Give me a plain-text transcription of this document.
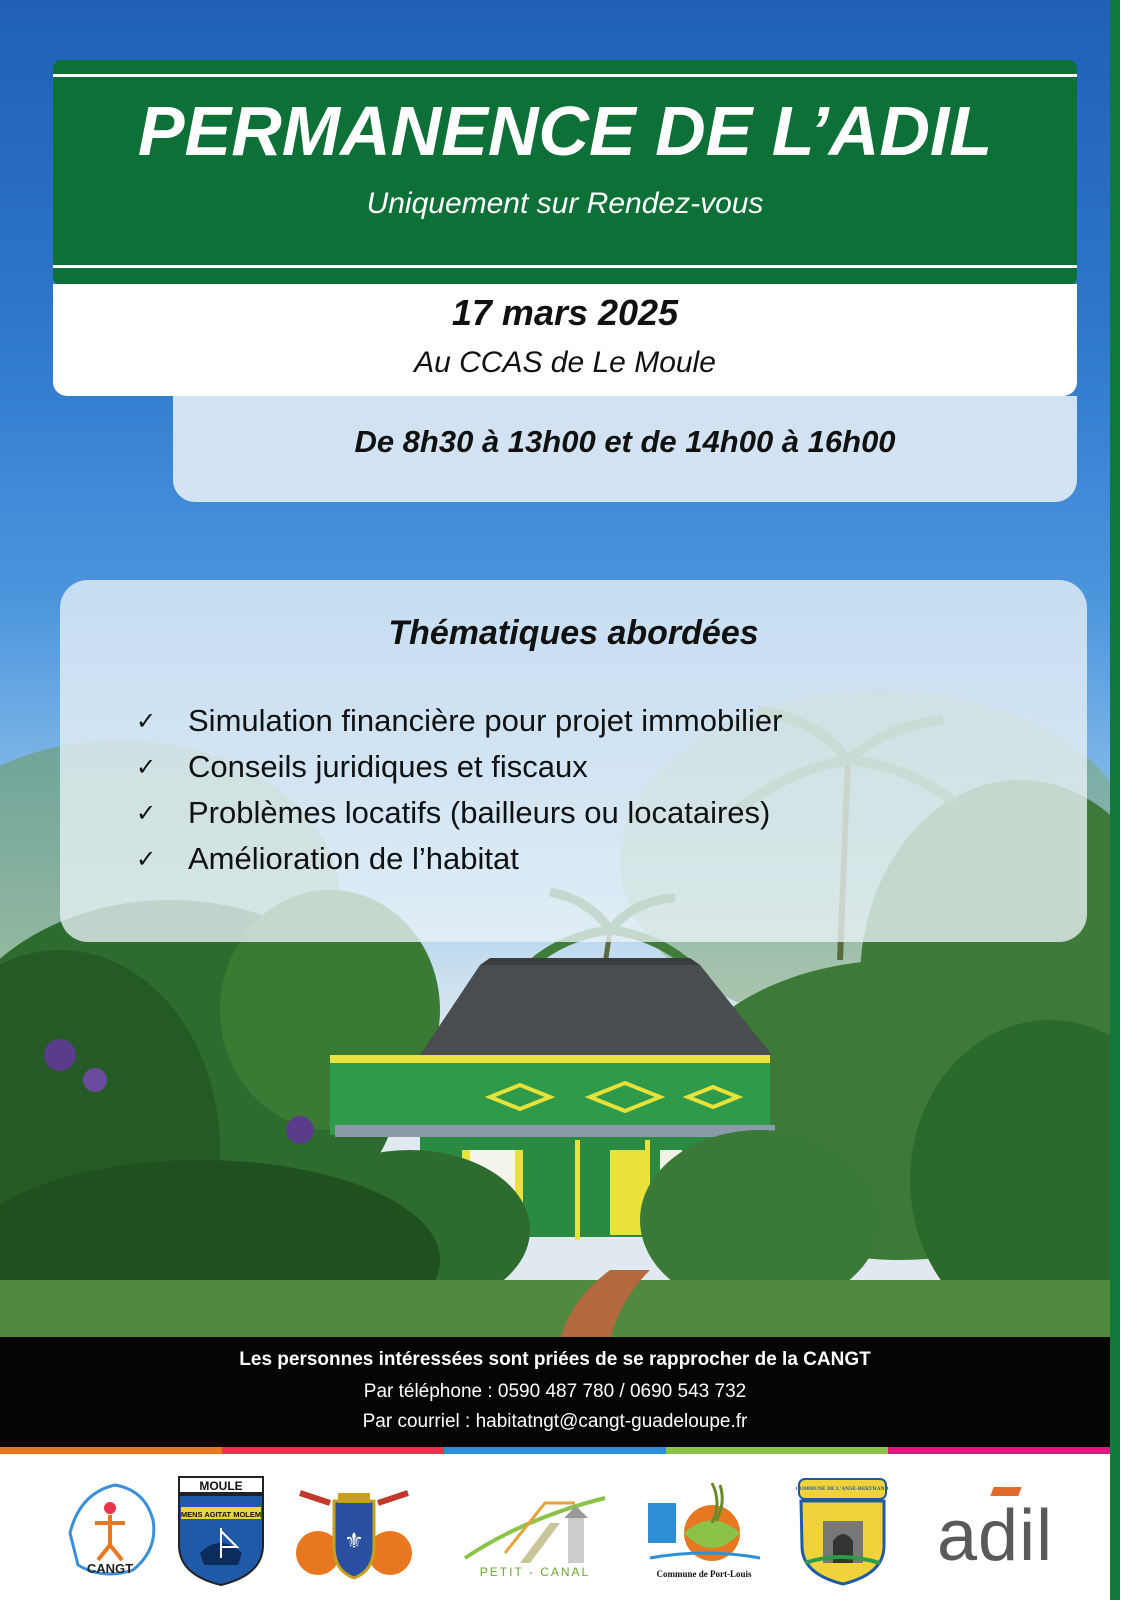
PERMANENCE DE L’ADIL
Uniquement sur Rendez-vous
17 mars 2025
Au CCAS de Le Moule
De 8h30 à 13h00 et de 14h00 à 16h00
Thématiques abordées
✓	Simulation financière pour projet immobilier
✓	Conseils juridiques et fiscaux
✓	Problèmes locatifs (bailleurs ou locataires)
✓	Amélioration de l’habitat
Les personnes intéressées sont priées de se rapprocher de la CANGT
Par téléphone : 0590 487 780 / 0690 543 732
Par courriel : habitatngt@cangt-guadeloupe.fr
CANGT
MOULE
MENS AGITAT MOLEM
⚜
PETIT - CANAL	Commune de Port-Louis
COMMUNE DE L'ANSE-BERTRAND
adil
